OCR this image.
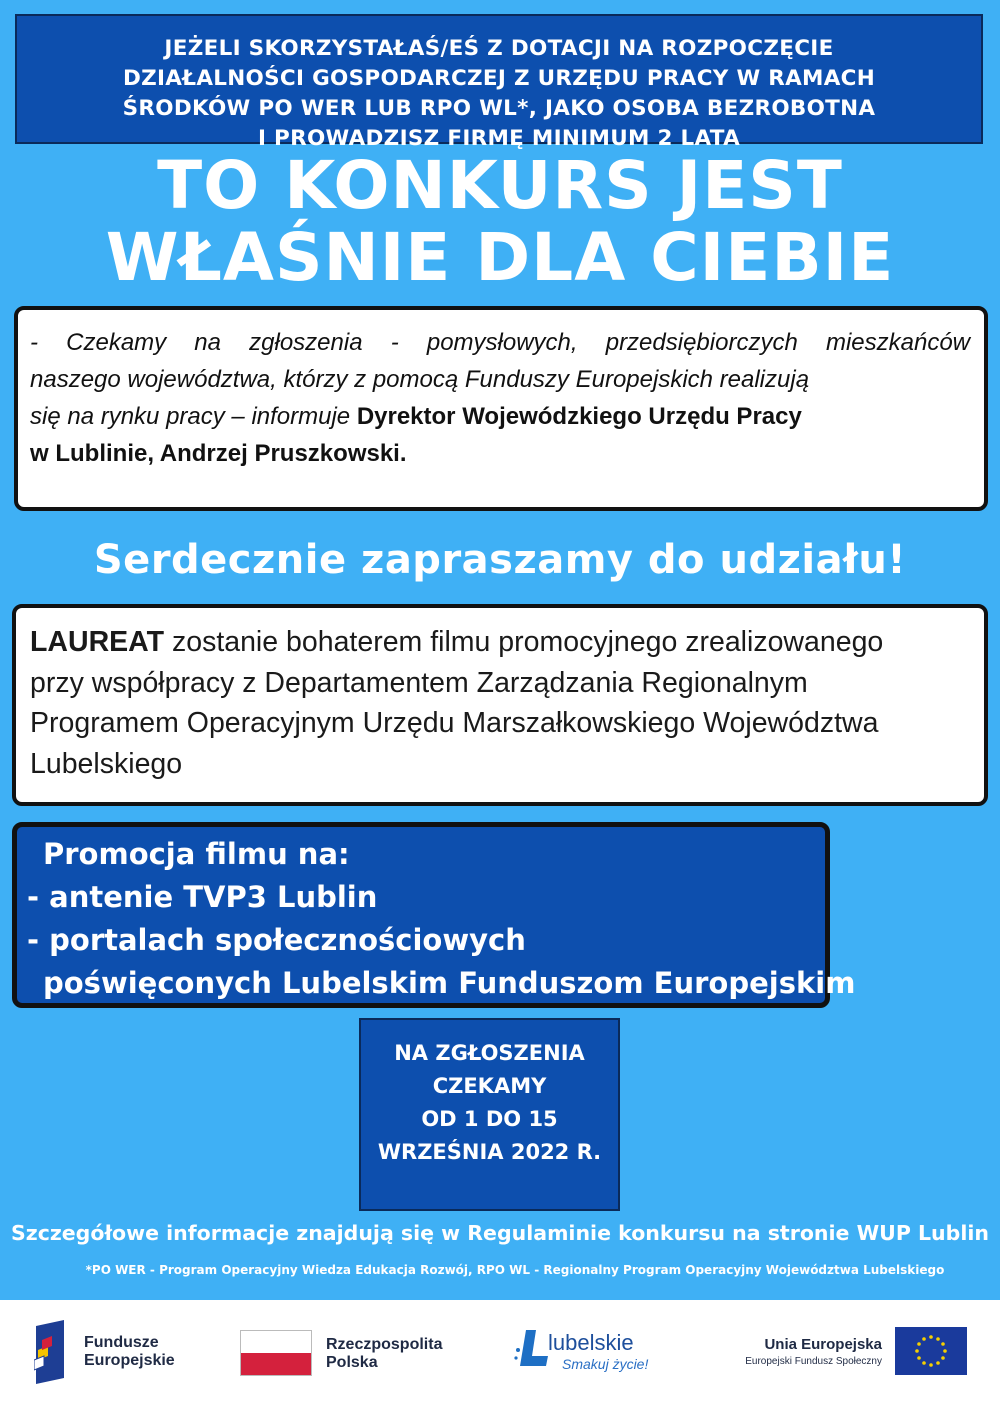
JEŻELI SKORZYSTAŁAŚ/EŚ Z DOTACJI NA ROZPOCZĘCIE
DZIAŁALNOŚCI GOSPODARCZEJ Z URZĘDU PRACY W RAMACH
ŚRODKÓW PO WER LUB RPO WL*, JAKO OSOBA BEZROBOTNA
I PROWADZISZ FIRMĘ MINIMUM 2 LATA
TO KONKURS JEST
WŁAŚNIE DLA CIEBIE
- Czekamy na zgłoszenia - pomysłowych, przedsiębiorczych mieszkańców
naszego województwa, którzy z pomocą Funduszy Europejskich realizują
się na rynku pracy – informuje Dyrektor Wojewódzkiego Urzędu Pracy
w Lublinie, Andrzej Pruszkowski.
Serdecznie zapraszamy do udziału!
LAUREAT zostanie bohaterem filmu promocyjnego zrealizowanego
przy współpracy z Departamentem Zarządzania Regionalnym
Programem Operacyjnym Urzędu Marszałkowskiego Województwa
Lubelskiego
Promocja filmu na:
- antenie TVP3 Lublin
- portalach społecznościowych
poświęconych Lubelskim Funduszom Europejskim
NA ZGŁOSZENIA
CZEKAMY
OD 1 DO 15
WRZEŚNIA 2022 R.
Szczegółowe informacje znajdują się w Regulaminie konkursu na stronie WUP Lublin
*PO WER - Program Operacyjny Wiedza Edukacja Rozwój, RPO WL - Regionalny Program Operacyjny Województwa Lubelskiego
Fundusze
Europejskie
Rzeczpospolita
Polska
lubelskie
Smakuj życie!
Unia Europejska
Europejski Fundusz Społeczny
